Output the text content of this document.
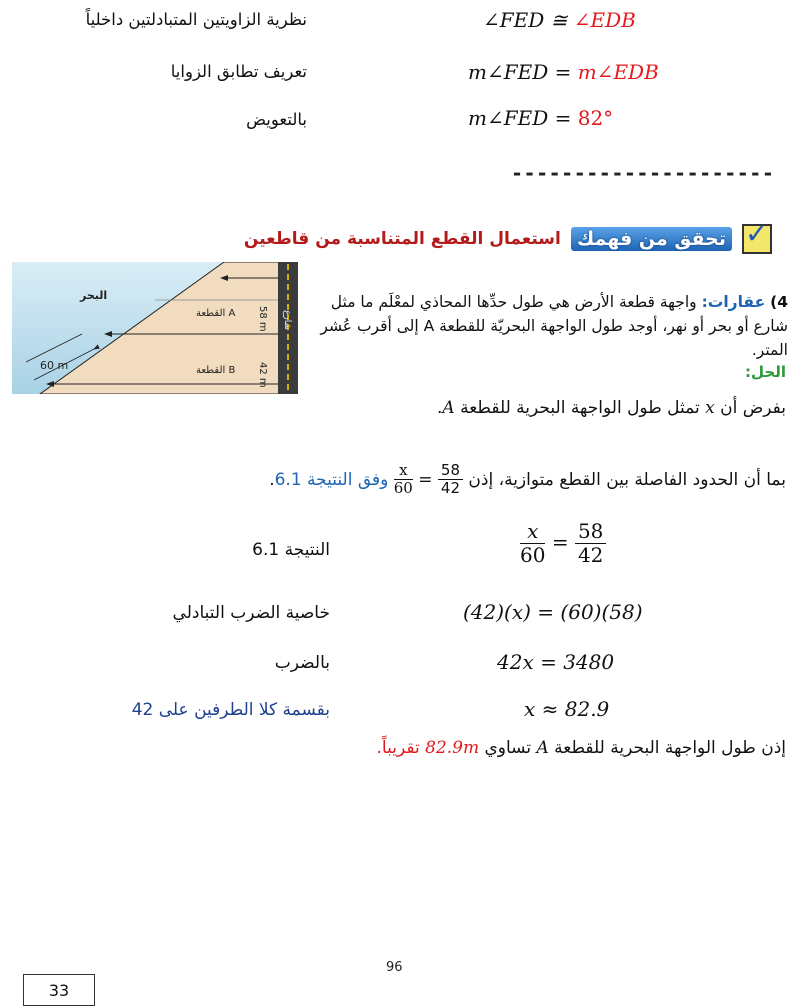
نظرية الزاويتين المتبادلتين داخلياً	∠FED ≅ ∠EDB
تعريف تطابق الزوايا	m∠FED = m∠EDB
بالتعويض	m∠FED = 82°
---------------------
✓
تحقق من فهمك
استعمال القطع المتناسبة من قاطعين
البحر
القطعة A
القطعة B
58 m
42 m
شارع
60 m
4) عقارات: واجهة قطعة الأرض هي طول حدِّها المحاذي لمعْلَم ما مثل شارع أو بحر أو نهر، أوجد طول الواجهة البحريّة للقطعة A إلى أقرب عُشر المتر.
الحل:
بفرض أن x تمثل طول الواجهة البحرية للقطعة A.
بما أن الحدود الفاصلة بين القطع متوازية، إذن
$\frac{58}{42}$
=
$\frac{x}{60}$
وفق النتيجة 6.1.
النتيجة 6.1	$\frac{x}{60} = \frac{58}{42}$
خاصية الضرب التبادلي	(42)(x) = (60)(58)
بالضرب	42x = 3480
بقسمة كلا الطرفين على 42	x ≈ 82.9
إذن طول الواجهة البحرية للقطعة A تساوي 82.9m تقريباً.
96
33
